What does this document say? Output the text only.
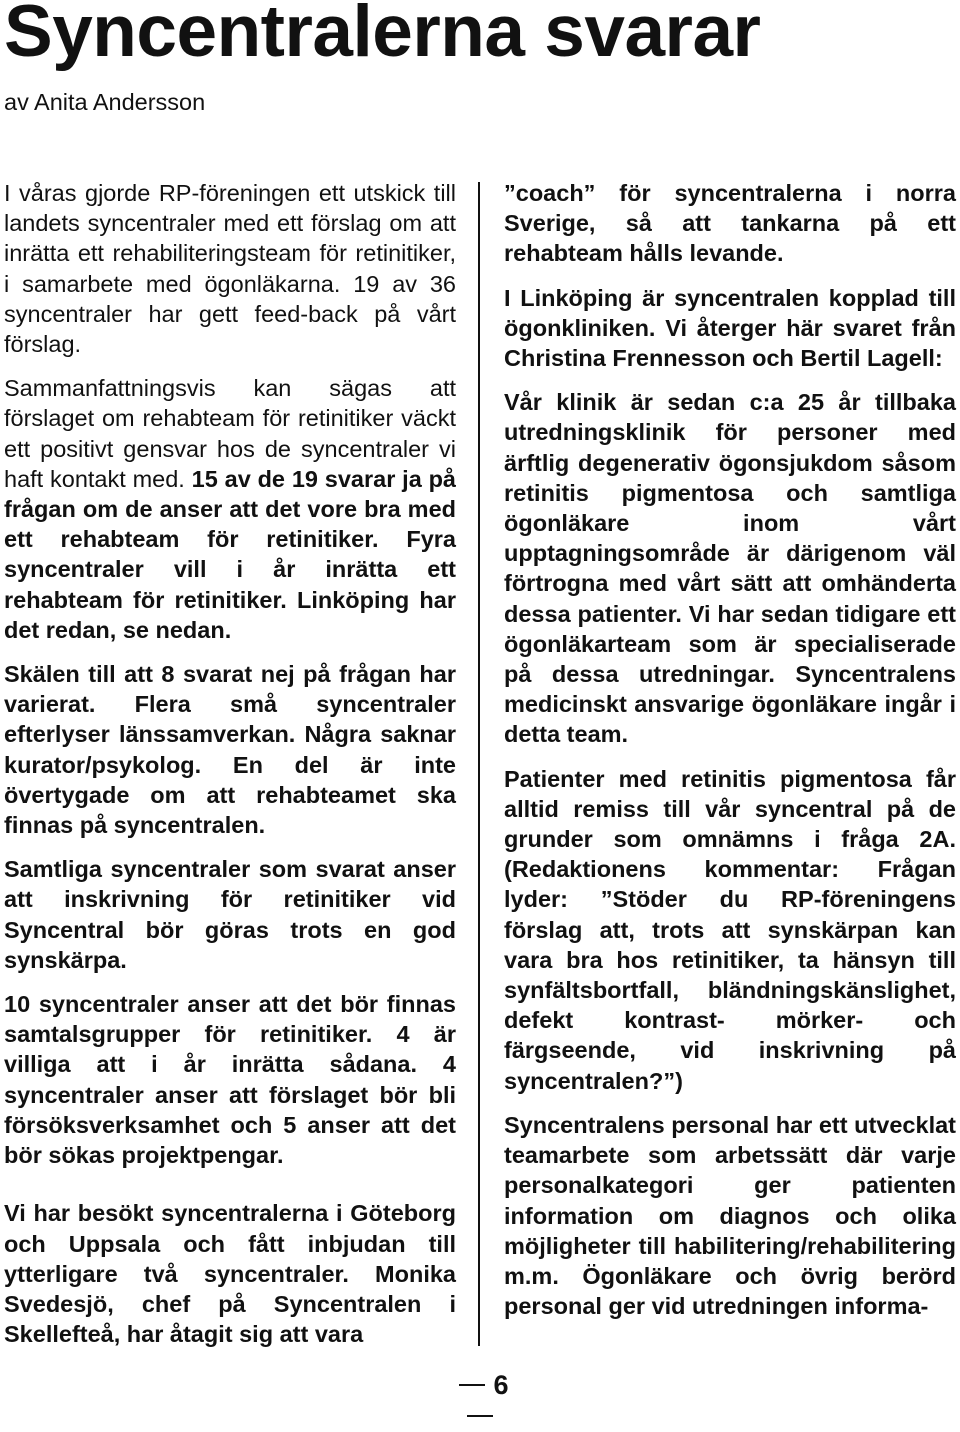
Syncentralerna svarar
av Anita Andersson

I våras gjorde RP-föreningen ett utskick till landets syncentraler med ett förslag om att inrätta ett rehabiliteringsteam för retinitiker, i samarbete med ögonläkarna. 19 av 36 syncentraler har gett feed-back på vårt förslag.

Sammanfattningsvis kan sägas att förslaget om rehabteam för retinitiker väckt ett positivt gensvar hos de syncentraler vi haft kontakt med. 15 av de 19 svarar ja på frågan om de anser att det vore bra med ett rehabteam för retinitiker. Fyra syncentraler vill i år inrätta ett rehabteam för retinitiker. Linköping har det redan, se nedan.

Skälen till att 8 svarat nej på frågan har varierat. Flera små syncentraler efterlyser länssamverkan. Några saknar kurator/psykolog. En del är inte övertygade om att rehabteamet ska finnas på syncentralen.

Samtliga syncentraler som svarat anser att inskrivning för retinitiker vid Syncentral bör göras trots en god synskärpa.

10 syncentraler anser att det bör finnas samtalsgrupper för retinitiker. 4 är villiga att i år inrätta sådana. 4 syncentraler anser att förslaget bör bli försöksverksamhet och 5 anser att det bör sökas projektpengar.

Vi har besökt syncentralerna i Göteborg och Uppsala och fått inbjudan till ytterligare två syncentraler. Monika Svedesjö, chef på Syncentralen i Skellefteå, har åtagit sig att vara

”coach” för syncentralerna i norra Sverige, så att tankarna på ett rehabteam hålls levande.

I Linköping är syncentralen kopplad till ögonkliniken. Vi återger här svaret från Christina Frennesson och Bertil Lagell:

Vår klinik är sedan c:a 25 år tillbaka utredningsklinik för personer med ärftlig degenerativ ögonsjukdom såsom retinitis pigmentosa och samtliga ögonläkare inom vårt upptagningsområde är därigenom väl förtrogna med vårt sätt att omhänderta dessa patienter. Vi har sedan tidigare ett ögonläkarteam som är specialiserade på dessa utredningar. Syncentralens medicinskt ansvarige ögonläkare ingår i detta team.

Patienter med retinitis pigmentosa får alltid remiss till vår syncentral på de grunder som omnämns i fråga 2A. (Redaktionens kommentar: Frågan lyder: ”Stöder du RP-föreningens förslag att, trots att synskärpan kan vara bra hos retinitiker, ta hänsyn till synfältsbortfall, bländningskänslighet, defekt kontrast- mörker- och färgseende, vid inskrivning på syncentralen?”)

Syncentralens personal har ett utvecklat teamarbete som arbetssätt där varje personalkategori ger patienten information om diagnos och olika möjligheter till habilitering/rehabilitering m.m. Ögonläkare och övrig berörd personal ger vid utredningen informa-

6
